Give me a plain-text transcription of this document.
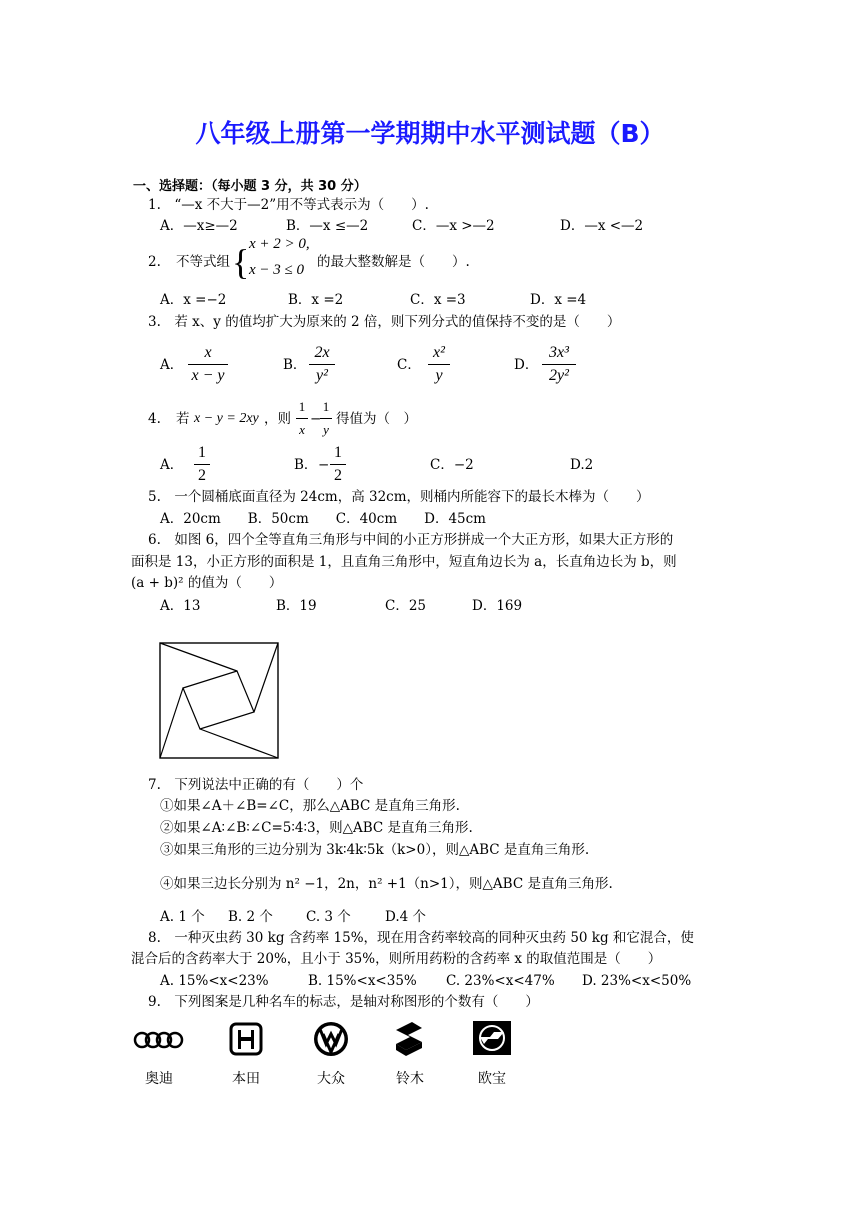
八年级上册第一学期期中水平测试题（B）
一、选择题：（每小题 3 分，共 30 分）
1.　“—x 不大于—2”用不等式表示为（　　）.
A．—x≥—2	B．—x ≤—2	C．—x >—2	D．—x <—2
2. 不等式组 { x + 2 > 0,
x − 3 ≤ 0 的最大整数解是（　　）.
A．x =−2	B．x =2	C．x =3	D．x =4
3.　若 x、y 的值均扩大为原来的 2 倍，则下列分式的值保持不变的是（　　）
A．
x
x − y
B．
2x
y²
C．
x²
y
D．
3x³
2y²
4. 若 x − y = 2xy ，则
1
x
−
1
y
得值为（　）
A．
1
2
B． −
1
2
C．−2	D.2
5.　一个圆桶底面直径为 24cm，高 32cm，则桶内所能容下的最长木棒为（　　）
A．20cm　　B．50cm　　C．40cm　　D．45cm
6.　如图 6，四个全等直角三角形与中间的小正方形拼成一个大正方形，如果大正方形的
面积是 13，小正方形的面积是 1，且直角三角形中，短直角边长为 a，长直角边长为 b，则
(a + b)² 的值为（　　）
A．13	B．19	C．25	D．169
7.　下列说法中正确的有（　　）个
①如果∠A＋∠B=∠C，那么△ABC 是直角三角形.
②如果∠A∶∠B∶∠C=5∶4∶3，则△ABC 是直角三角形.
③如果三角形的三边分别为 3k∶4k∶5k（k>0），则△ABC 是直角三角形.
④如果三边长分别为 n² −1，2n，n² +1（n>1），则△ABC 是直角三角形.
A. 1 个 B. 2 个 C. 3 个	D.4 个
8.　一种灭虫药 30 kg 含药率 15%，现在用含药率较高的同种灭虫药 50 kg 和它混合，使
混合后的含药率大于 20%，且小于 35%，则所用药粉的含药率 x 的取值范围是（　　）
A. 15%<x<23%	B. 15%<x<35% C. 23%<x<47% D. 23%<x<50%
9.　下列图案是几种名车的标志，是轴对称图形的个数有（　　）
奥迪	本田	大众	铃木	欧宝
